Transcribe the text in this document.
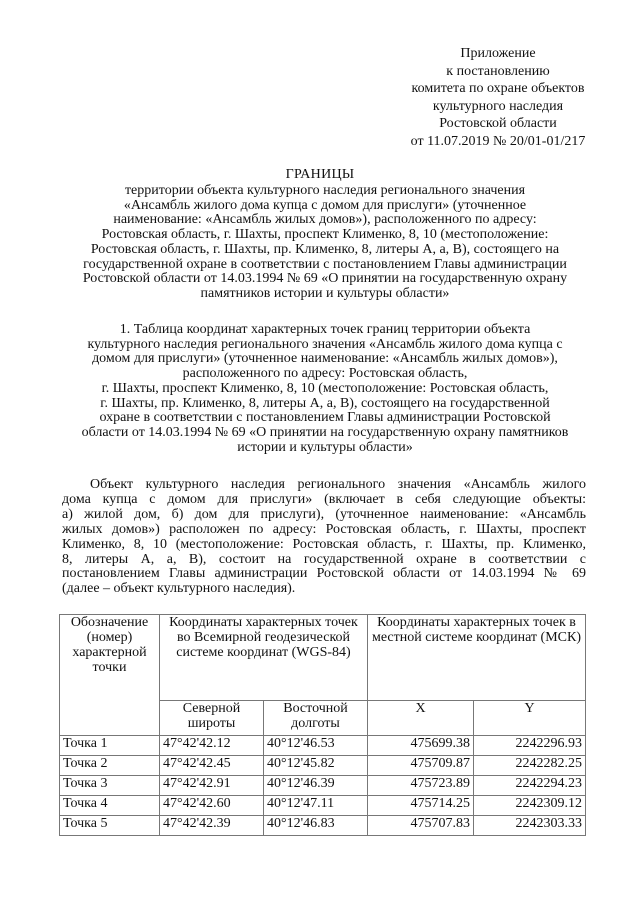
Приложение
к постановлению
комитета по охране объектов
культурного наследия
Ростовской области
от 11.07.2019 № 20/01-01/217
ГРАНИЦЫ
территории объекта культурного наследия регионального значения
«Ансамбль жилого дома купца с домом для прислуги» (уточненное
наименование: «Ансамбль жилых домов»), расположенного по адресу:
Ростовская область, г. Шахты, проспект Клименко, 8, 10 (местоположение:
Ростовская область, г. Шахты, пр. Клименко, 8, литеры А, а, В), состоящего на
государственной охране в соответствии с постановлением Главы администрации
Ростовской области от 14.03.1994 № 69 «О принятии на государственную охрану
памятников истории и культуры области»
1. Таблица координат характерных точек границ территории объекта
культурного наследия регионального значения «Ансамбль жилого дома купца с
домом для прислуги» (уточненное наименование: «Ансамбль жилых домов»),
расположенного по адресу: Ростовская область,
г. Шахты, проспект Клименко, 8, 10 (местоположение: Ростовская область,
г. Шахты, пр. Клименко, 8, литеры А, а, В), состоящего на государственной
охранe в соответствии с постановлением Главы администрации Ростовской
области от 14.03.1994 № 69 «О принятии на государственную охрану памятников
истории и культуры области»
Объект культурного наследия регионального значения «Ансамбль жилого
дома купца с домом для прислуги» (включает в себя следующие объекты:
а) жилой дом, б) дом для прислуги), (уточненное наименование: «Ансамбль
жилых домов») расположен по адресу: Ростовская область, г. Шахты, проспект
Клименко, 8, 10 (местоположение: Ростовская область, г. Шахты, пр. Клименко,
8, литеры А, а, В), состоит на государственной охране в соответствии с
постановлением Главы администрации Ростовской области от 14.03.1994 № 69
(далее – объект культурного наследия).
Обозначение (номер) характерной точки	Координаты характерных точек во Всемирной геодезической системе координат (WGS-84)		Координаты характерных точек в местной системе координат (МСК)	
	Северной широты	Восточной долготы	X	Y
Точка 1	47°42'42.12	40°12'46.53	475699.38	2242296.93
Точка 2	47°42'42.45	40°12'45.82	475709.87	2242282.25
Точка 3	47°42'42.91	40°12'46.39	475723.89	2242294.23
Точка 4	47°42'42.60	40°12'47.11	475714.25	2242309.12
Точка 5	47°42'42.39	40°12'46.83	475707.83	2242303.33
